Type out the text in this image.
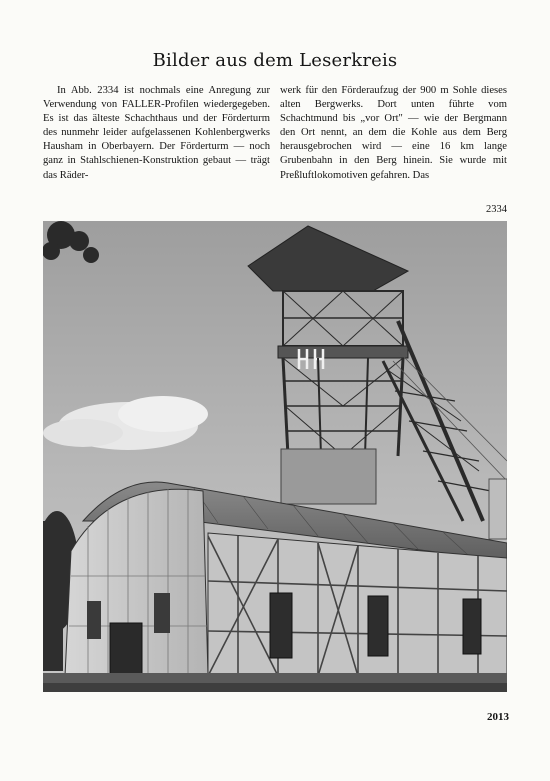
Bilder aus dem Leserkreis

In Abb. 2334 ist nochmals eine Anregung zur Verwendung von FALLER-Profilen wiedergegeben. Es ist das älteste Schachthaus und der Förderturm des nunmehr leider aufgelassenen Kohlenbergwerks Hausham in Oberbayern. Der Förderturm — noch ganz in Stahlschienen-Konstruktion gebaut — trägt das Räder-

werk für den Förderaufzug der 900 m Sohle dieses alten Bergwerks. Dort unten führte vom Schachtmund bis „vor Ort" — wie der Bergmann den Ort nennt, an dem die Kohle aus dem Berg herausgebrochen wird — eine 16 km lange Grubenbahn in den Berg hinein. Sie wurde mit Preßluftlokomotiven gefahren. Das

2334
2013
